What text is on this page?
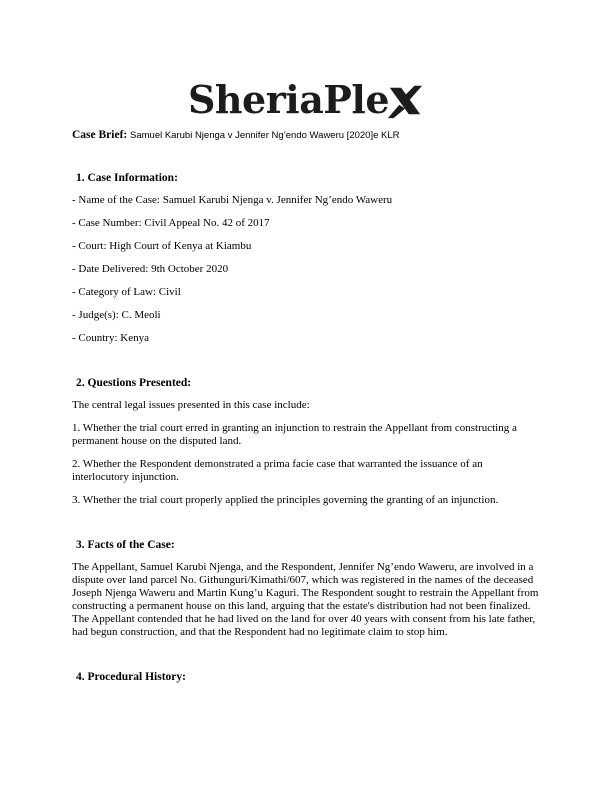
SheriaPle
Case Brief: Samuel Karubi Njenga v Jennifer Ng’endo Waweru [2020]e KLR
1. Case Information:
- Name of the Case: Samuel Karubi Njenga v. Jennifer Ng’endo Waweru
- Case Number: Civil Appeal No. 42 of 2017
- Court: High Court of Kenya at Kiambu
- Date Delivered: 9th October 2020
- Category of Law: Civil
- Judge(s): C. Meoli
- Country: Kenya
2. Questions Presented:
The central legal issues presented in this case include:
1. Whether the trial court erred in granting an injunction to restrain the Appellant from constructing a permanent house on the disputed land.
2. Whether the Respondent demonstrated a prima facie case that warranted the issuance of an interlocutory injunction.
3. Whether the trial court properly applied the principles governing the granting of an injunction.
3. Facts of the Case:
The Appellant, Samuel Karubi Njenga, and the Respondent, Jennifer Ng’endo Waweru, are involved in a dispute over land parcel No. Githunguri/Kimathi/607, which was registered in the names of the deceased Joseph Njenga Waweru and Martin Kung’u Kaguri. The Respondent sought to restrain the Appellant from constructing a permanent house on this land, arguing that the estate's distribution had not been finalized. The Appellant contended that he had lived on the land for over 40 years with consent from his late father, had begun construction, and that the Respondent had no legitimate claim to stop him.
4. Procedural History:
